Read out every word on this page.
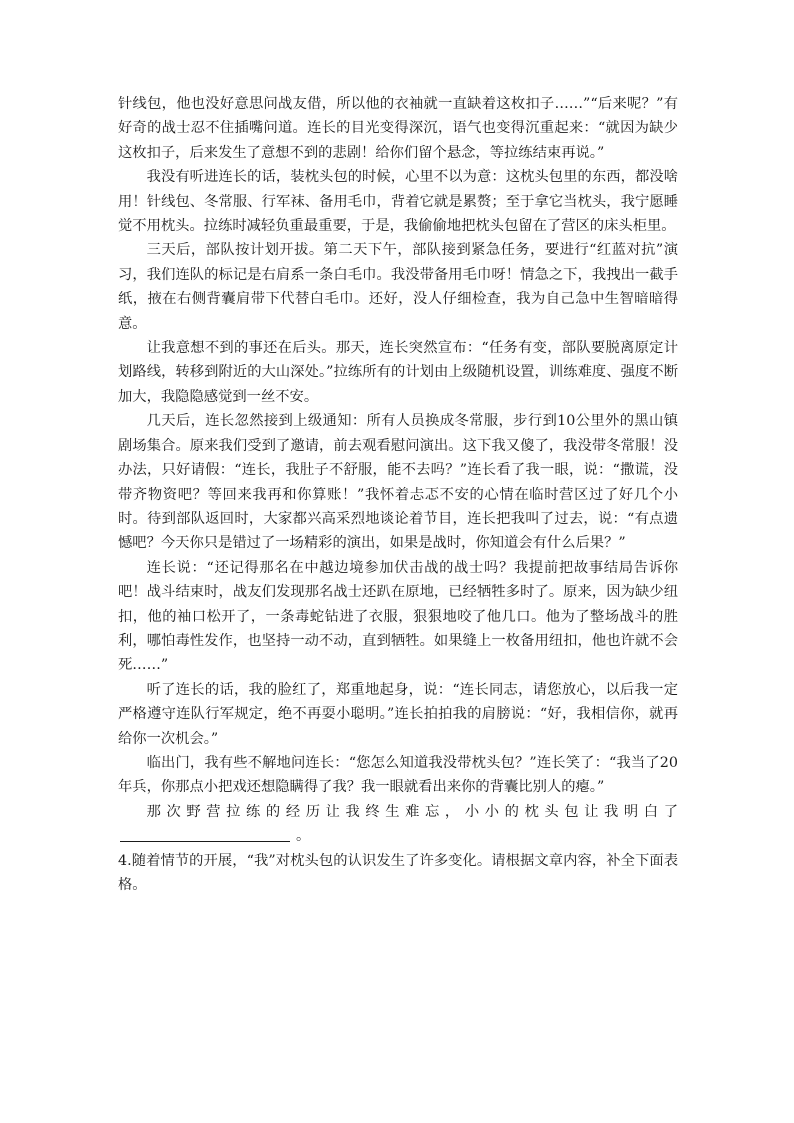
针线包，他也没好意思问战友借，所以他的衣袖就一直缺着这枚扣子……”“后来呢？”有好奇的战士忍不住插嘴问道。连长的目光变得深沉，语气也变得沉重起来：“就因为缺少这枚扣子，后来发生了意想不到的悲剧！给你们留个悬念，等拉练结束再说。”

我没有听进连长的话，装枕头包的时候，心里不以为意：这枕头包里的东西，都没啥用！针线包、冬常服、行军袜、备用毛巾，背着它就是累赘；至于拿它当枕头，我宁愿睡觉不用枕头。拉练时减轻负重最重要，于是，我偷偷地把枕头包留在了营区的床头柜里。

三天后，部队按计划开拔。第二天下午，部队接到紧急任务，要进行“红蓝对抗”演习，我们连队的标记是右肩系一条白毛巾。我没带备用毛巾呀！情急之下，我拽出一截手纸，掖在右侧背囊肩带下代替白毛巾。还好，没人仔细检查，我为自己急中生智暗暗得意。

让我意想不到的事还在后头。那天，连长突然宣布：“任务有变，部队要脱离原定计划路线，转移到附近的大山深处。”拉练所有的计划由上级随机设置，训练难度、强度不断加大，我隐隐感觉到一丝不安。

几天后，连长忽然接到上级通知：所有人员换成冬常服，步行到10公里外的黑山镇剧场集合。原来我们受到了邀请，前去观看慰问演出。这下我又傻了，我没带冬常服！没办法，只好请假：“连长，我肚子不舒服，能不去吗？”连长看了我一眼，说：“撒谎，没带齐物资吧？等回来我再和你算账！”我怀着忐忑不安的心情在临时营区过了好几个小时。待到部队返回时，大家都兴高采烈地谈论着节目，连长把我叫了过去，说：“有点遗憾吧？今天你只是错过了一场精彩的演出，如果是战时，你知道会有什么后果？”

连长说：“还记得那名在中越边境参加伏击战的战士吗？我提前把故事结局告诉你吧！战斗结束时，战友们发现那名战士还趴在原地，已经牺牲多时了。原来，因为缺少纽扣，他的袖口松开了，一条毒蛇钻进了衣服，狠狠地咬了他几口。他为了整场战斗的胜利，哪怕毒性发作，也坚持一动不动，直到牺牲。如果缝上一枚备用纽扣，他也许就不会死……”

听了连长的话，我的脸红了，郑重地起身，说：“连长同志，请您放心，以后我一定严格遵守连队行军规定，绝不再耍小聪明。”连长拍拍我的肩膀说：“好，我相信你，就再给你一次机会。”

临出门，我有些不解地问连长：“您怎么知道我没带枕头包？”连长笑了：“我当了20年兵，你那点小把戏还想隐瞒得了我？我一眼就看出来你的背囊比别人的瘪。”

那次野营拉练的经历让我终生难忘，小小的枕头包让我明白了。

4.随着情节的开展，“我”对枕头包的认识发生了许多变化。请根据文章内容，补全下面表格。
